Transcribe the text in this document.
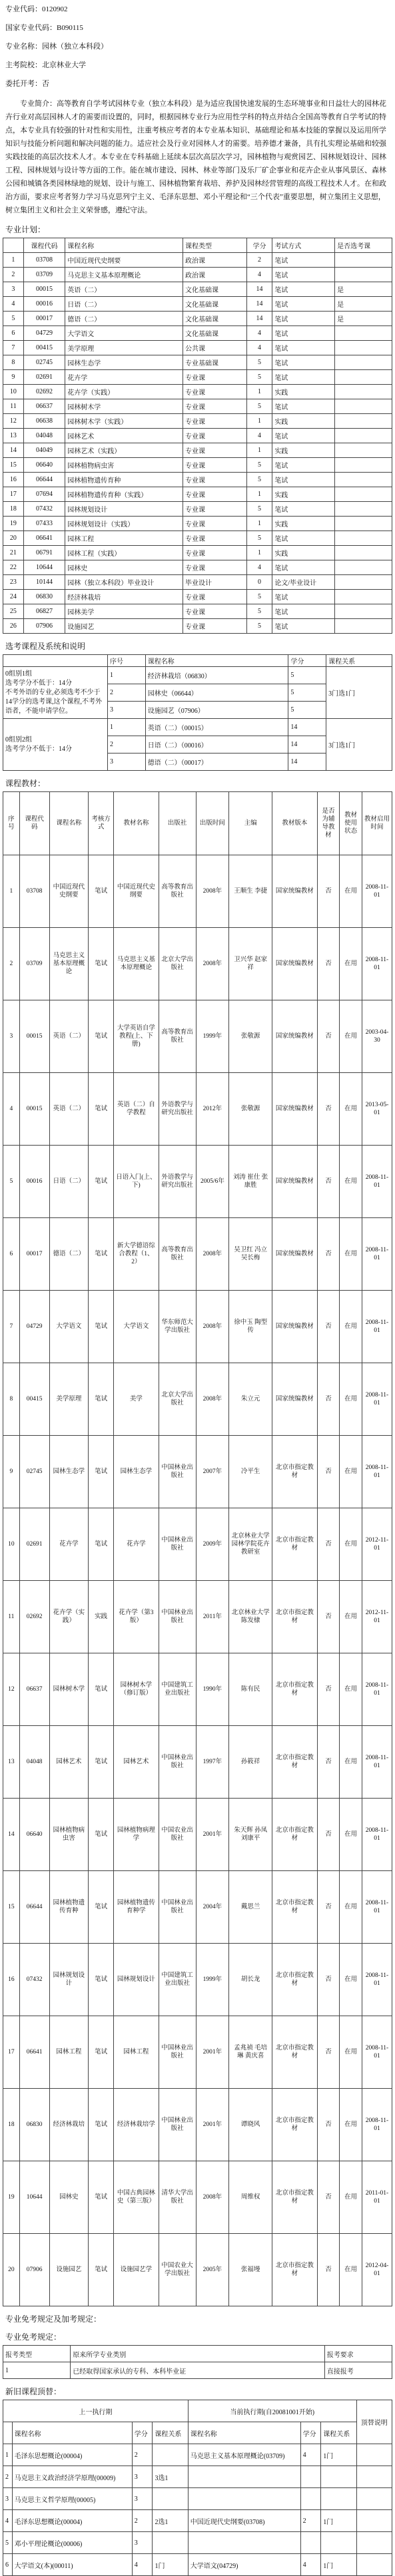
专业代码：0120902
国家专业代码：B090115
专业名称：园林（独立本科段）
主考院校：北京林业大学
委托开考：否
专业简介：高等教育自学考试园林专业（独立本科段）是为适应我国快速发展的生态环境事业和日益壮大的园林花卉行业对高层园林人才的需要而设置的，同时，根据园林专业行为应用性学科的特点并结合全国高等教育自学考试的特点，本专业具有较强的针对性和实用性，注重考核应考者的本专业基本知识、基础理论和基本技能的掌握以及运用所学知识与技能分析问题和解决问题的能力。适应社会及行业对园林人才的需要。培养德才兼备，具有扎实理论基础和较强实践技能的高层次技术人才。本专业在专科基础上延续本层次高层次学习，园林植物与观赏园艺、园林规划设计、园林工程、园林规划与设计等方面的工作。能在城市建设、园林、林业等部门及乐厂矿企事业和花卉企业从事风景区、森林公园和城镇各类园林绿地的规划、设计与施工、园林植物繁育栽培、养护及园林经营管理的高级工程技术人才。在和政治方面，要求应考者努力学习马克思列宁主义、毛泽东思想、邓小平理论和“三个代表”重要思想，树立集团主义思想，树立集团主义和社会主义荣誉感，遵纪守法。
专业计划：
	课程代码	课程名称	课程类型	学分	考试方式	是否选考课
1	03708	中国近现代史纲要	政治课	2	笔试	
2	03709	马克思主义基本原理概论	政治课	4	笔试	
3	00015	英语（二）	文化基础课	14	笔试	是
4	00016	日语（二）	文化基础课	14	笔试	是
5	00017	德语（二）	文化基础课	14	笔试	是
6	04729	大学语文	文化基础课	4	笔试	
7	00415	美学原理	公共课	4	笔试	
8	02745	园林生态学	专业基础课	5	笔试	
9	02691	花卉学	专业课	5	笔试	
10	02692	花卉学（实践）	专业课	1	实践	
11	06637	园林树木学	专业课	5	笔试	
12	06638	园林树木学（实践）	专业课	1	实践	
13	04048	园林艺术	专业课	4	笔试	
14	04049	园林艺术（实践）	专业课	1	实践	
15	06640	园林植物病虫害	专业课	5	笔试	
16	06644	园林植物遗传育种	专业课	5	笔试	
17	07694	园林植物遗传育种（实践）	专业课	1	实践	
18	07432	园林规划设计	专业课	5	笔试	
19	07433	园林规划设计（实践）	专业课	1	实践	
20	06641	园林工程	专业课	5	笔试	
21	06791	园林工程（实践）	专业课	1	实践	
22	10644	园林史	专业课	4	笔试	
23	10144	园林（独立本科段）毕业设计	毕业设计	0	论文/毕业设计	
24	06830	经济林栽培	专业课	5	笔试	
25	06827	园林美学	专业课	5	笔试	
26	07906	设施园艺	专业课	5	笔试	
选考课程及系统和说明
	序号	课程名称	学分	课程关系
0组别1组
选考学分不低于：14分
不考外语的专业,必须选考不少于14学分的选考课,这个课程,不考外语者，不能申请学位。	1	经济林栽培（06830）	5	3门选1门
	2	园林史（06644）	5	
	3	设施园艺（07906）	5	
0组别2组
选考学分不低于：14分	1	英语（二）（00015）	14	3门选1门
	2	日语（二）（00016）	14	
	3	德语（二）（00017）	14	
课程教材：
序号	课程代码	课程名称	考核方式	教材名称	出版社	出版时间	主编	教材版本	是否为辅导教材	教材使用状态	教材启用时间
1	03708	中国近现代史纲要	笔试	中国近现代史纲要	高等教育出版社	2008年	王顺生 李捷	国家统编教材	否	在用	2008-11-01
2	03709	马克思主义基本原理概论	笔试	马克思主义基本原理概论	北京大学出版社	2008年	卫兴华 赵家祥	国家统编教材	否	在用	2008-11-01
3	00015	英语（二）	笔试	大学英语自学教程(上、下册)	高等教育出版社	1999年	张敬源	国家统编教材	否	在用	2003-04-30
4	00015	英语（二）	笔试	英语（二）自学教程	外语教学与研究出版社	2012年	张敬源	国家统编教材	否	在用	2013-05-01
5	00016	日语（二）	笔试	日语入门(上、下)	外语教学与研究出版社	2005/6年	刘涛 崔仕 张康胜	国家统编教材	否	在用	2008-11-01
6	00017	德语（二）	笔试	新大学德语综合教程（1、2）	高等教育出版社	2008年	吴卫红 冯立 吴长梅	国家统编教材	否	在用	2008-11-01
7	04729	大学语文	笔试	大学语文	华东师范大学出版社	2008年	徐中玉 陶型传	国家统编教材	否	在用	2008-11-01
8	00415	美学原理	笔试	美学	北京大学出版社	2008年	朱立元	国家统编教材	否	在用	2008-11-01
9	02745	园林生态学	笔试	园林生态学	中国林业出版社	2007年	冷平生	北京市指定教材	否	在用	2008-11-01
10	02691	花卉学	笔试	花卉学	中国林业出版社	2009年	北京林业大学园林学院花卉教研室	北京市指定教材	否	在用	2012-11-01
11	02692	花卉学（实践）	实践	花卉学（第3版）	中国林业出版社	2011年	北京林业大学 陈发棣	北京市指定教材	否	在用	2012-11-01
12	06637	园林树木学	笔试	园林树木学（修订版）	中国建筑工业出版社	1990年	陈有民	北京市指定教材	否	在用	2008-11-01
13	04048	园林艺术	笔试	园林艺术	中国林业出版社	1997年	孙筱祥	北京市指定教材	否	在用	2008-11-01
14	06640	园林植物病虫害	笔试	园林植物病理学	中国农业出版社	2001年	朱天辉 孙凤 刘康平	北京市指定教材	否	在用	2008-11-01
15	06644	园林植物遗传育种	笔试	园林植物遗传育种学	中国林业出版社	2004年	戴思兰	北京市指定教材	否	在用	2008-11-01
16	07432	园林规划设计	笔试	园林规划设计	中国建筑工业出版社	1999年	胡长龙	北京市指定教材	否	在用	2008-11-01
17	06641	园林工程	笔试	园林工程	中国林业出版社	2001年	孟兆祯 毛培琳 黄庆喜	北京市指定教材	否	在用	2008-11-01
18	06830	经济林栽培	笔试	经济林栽培学	中国林业出版社	2001年	谭晓风	北京市指定教材	否	在用	2008-11-01
19	10644	园林史	笔试	中国古典园林史（第三版）	清华大学出版社	2008年	周维权	北京市指定教材	否	在用	2011-01-01
20	07906	设施园艺	笔试	设施园艺学	中国农业大学出版社	2005年	张福墁	北京市指定教材	否	在用	2012-04-01
专业免考规定及加考规定：
专业免考规定：
报考类型	原来所学专业类别	报考要求
1	已经取得国家承认的专科、本科毕业证	直接报考
新旧课程顶替：
上一执行期				当前执行期(自20081001开始)			顶替说明
	课程名称	学分	课程关系	课程名称	学分	课程关系	
1	毛泽东思想概论(00004)	2		马克思主义基本原理概论(03709)	4	1门	
2	马克思主义政治经济学原理(00009)	3	3选1				
3	马克思主义哲学原理(00005)	3					
4	毛泽东思想概论(00004)	2	2选1	中国近现代史纲要(03708)	2	1门	
5	邓小平理论概论(00006)	3					
6	大学语文(本)(00011)	4	1门	大学语文(04729)	4	1门	
